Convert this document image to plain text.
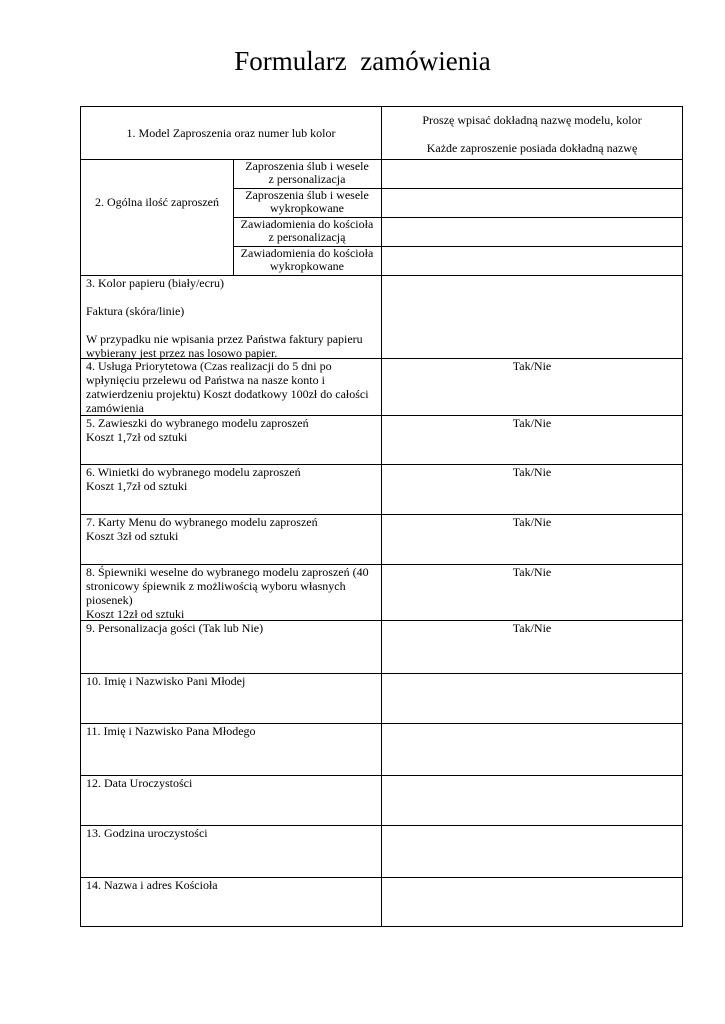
Formularz  zamówienia
1. Model Zaproszenia oraz numer lub kolor
Proszę wpisać dokładną nazwę modelu, kolor
Każde zaproszenie posiada dokładną nazwę
2. Ogólna ilość zaproszeń
Zaproszenia ślub i wesele
z personalizacja
Zaproszenia ślub i wesele
wykropkowane
Zawiadomienia do kościoła
z personalizacją
Zawiadomienia do kościoła
wykropkowane
3. Kolor papieru (biały/ecru)
Faktura (skóra/linie)
W przypadku nie wpisania przez Państwa faktury papieru wybierany jest przez nas losowo papier.
4. Usługa Priorytetowa (Czas realizacji do 5 dni po wpłynięciu przelewu od Państwa na nasze konto i zatwierdzeniu projektu) Koszt dodatkowy 100zł do całości zamówienia
Tak/Nie
5. Zawieszki do wybranego modelu zaproszeń
Koszt 1,7zł od sztuki
Tak/Nie
6. Winietki do wybranego modelu zaproszeń
Koszt 1,7zł od sztuki
Tak/Nie
7. Karty Menu do wybranego modelu zaproszeń
Koszt 3zł od sztuki
Tak/Nie
8. Śpiewniki weselne do wybranego modelu zaproszeń (40 stronicowy śpiewnik z możliwością wyboru własnych piosenek)
Koszt 12zł od sztuki
Tak/Nie
9. Personalizacja gości (Tak lub Nie)	Tak/Nie
10. Imię i Nazwisko Pani Młodej
11. Imię i Nazwisko Pana Młodego
12. Data Uroczystości
13. Godzina uroczystości
14. Nazwa i adres Kościoła
